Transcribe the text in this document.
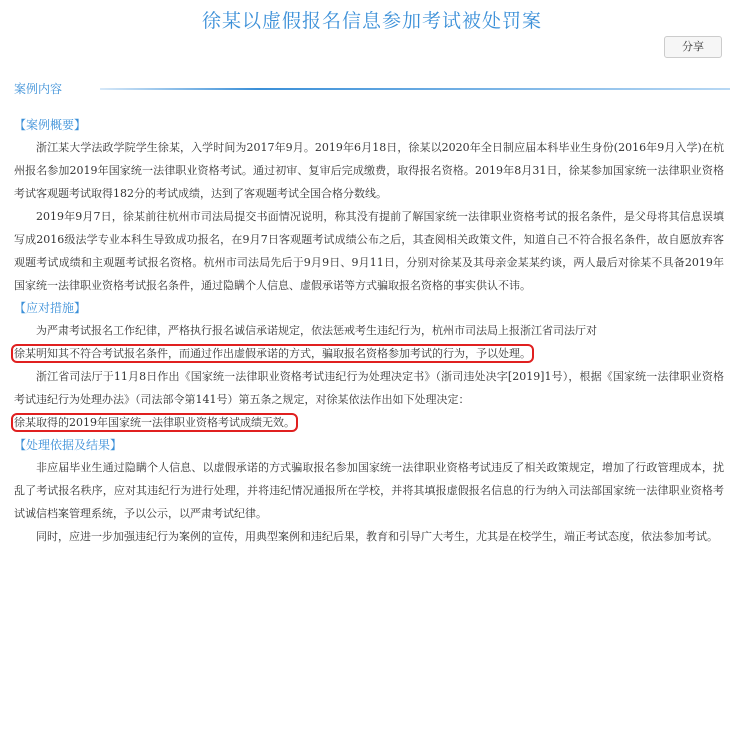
徐某以虚假报名信息参加考试被处罚案
分享
案例内容

【案例概要】

浙江某大学法政学院学生徐某，入学时间为2017年9月。2019年6月18日，徐某以2020年全日制应届本科毕业生身份(2016年9月入学)在杭州报名参加2019年国家统一法律职业资格考试。通过初审、复审后完成缴费，取得报名资格。2019年8月31日，徐某参加国家统一法律职业资格考试客观题考试取得182分的考试成绩，达到了客观题考试全国合格分数线。

2019年9月7日，徐某前往杭州市司法局提交书面情况说明，称其没有提前了解国家统一法律职业资格考试的报名条件，是父母将其信息误填写成2016级法学专业本科生导致成功报名，在9月7日客观题考试成绩公布之后，其查阅相关政策文件，知道自己不符合报名条件，故自愿放弃客观题考试成绩和主观题考试报名资格。杭州市司法局先后于9月9日、9月11日，分别对徐某及其母亲金某某约谈，两人最后对徐某不具备2019年国家统一法律职业资格考试报名条件，通过隐瞒个人信息、虚假承诺等方式骗取报名资格的事实供认不讳。

【应对措施】

为严肃考试报名工作纪律，严格执行报名诚信承诺规定，依法惩戒考生违纪行为，杭州市司法局上报浙江省司法厅对

徐某明知其不符合考试报名条件，而通过作出虚假承诺的方式，骗取报名资格参加考试的行为，予以处理。

浙江省司法厅于11月8日作出《国家统一法律职业资格考试违纪行为处理决定书》（浙司违处决字[2019]1号），根据《国家统一法律职业资格考试违纪行为处理办法》（司法部令第141号）第五条之规定，对徐某依法作出如下处理决定：

徐某取得的2019年国家统一法律职业资格考试成绩无效。

【处理依据及结果】

非应届毕业生通过隐瞒个人信息、以虚假承诺的方式骗取报名参加国家统一法律职业资格考试违反了相关政策规定，增加了行政管理成本，扰乱了考试报名秩序，应对其违纪行为进行处理，并将违纪情况通报所在学校，并将其填报虚假报名信息的行为纳入司法部国家统一法律职业资格考试诚信档案管理系统，予以公示，以严肃考试纪律。

同时，应进一步加强违纪行为案例的宣传，用典型案例和违纪后果，教育和引导广大考生，尤其是在校学生，端正考试态度，依法参加考试。
